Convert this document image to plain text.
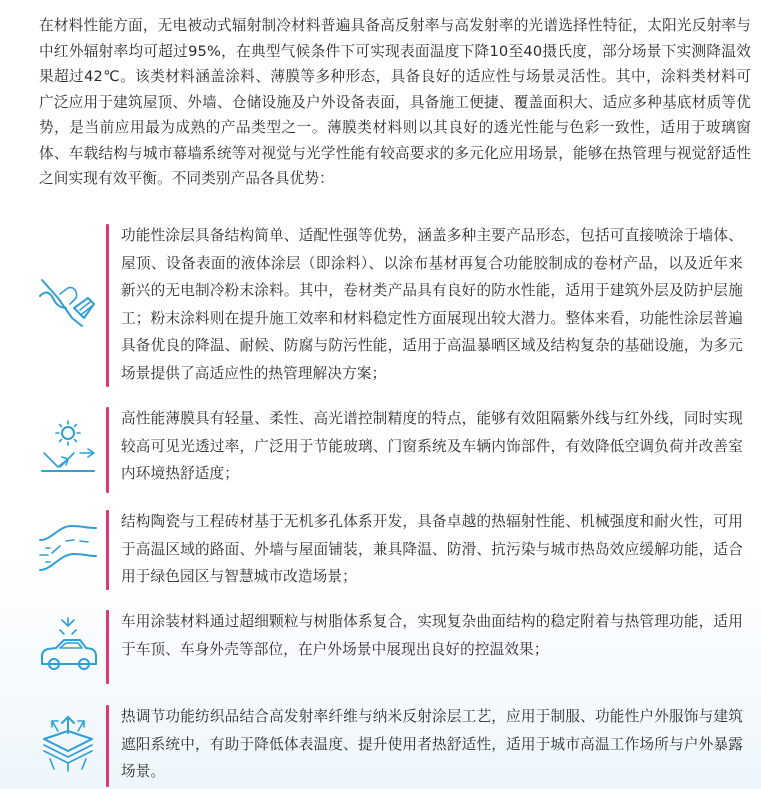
在材料性能方面，无电被动式辐射制冷材料普遍具备高反射率与高发射率的光谱选择性特征，太阳光反射率与中红外辐射率均可超过95%，在典型气候条件下可实现表面温度下降10至40摄氏度，部分场景下实测降温效果超过42℃。该类材料涵盖涂料、薄膜等多种形态，具备良好的适应性与场景灵活性。其中，涂料类材料可广泛应用于建筑屋顶、外墙、仓储设施及户外设备表面，具备施工便捷、覆盖面积大、适应多种基底材质等优势，是当前应用最为成熟的产品类型之一。薄膜类材料则以其良好的透光性能与色彩一致性，适用于玻璃窗体、车载结构与城市幕墙系统等对视觉与光学性能有较高要求的多元化应用场景，能够在热管理与视觉舒适性之间实现有效平衡。不同类别产品各具优势：

功能性涂层具备结构简单、适配性强等优势，涵盖多种主要产品形态，包括可直接喷涂于墙体、屋顶、设备表面的液体涂层（即涂料）、以涂布基材再复合功能胶制成的卷材产品，以及近年来新兴的无电制冷粉末涂料。其中，卷材类产品具有良好的防水性能，适用于建筑外层及防护层施工；粉末涂料则在提升施工效率和材料稳定性方面展现出较大潜力。整体来看，功能性涂层普遍具备优良的降温、耐候、防腐与防污性能，适用于高温暴晒区域及结构复杂的基础设施，为多元场景提供了高适应性的热管理解决方案；

高性能薄膜具有轻量、柔性、高光谱控制精度的特点，能够有效阻隔紫外线与红外线，同时实现较高可见光透过率，广泛用于节能玻璃、门窗系统及车辆内饰部件，有效降低空调负荷并改善室内环境热舒适度；

结构陶瓷与工程砖材基于无机多孔体系开发，具备卓越的热辐射性能、机械强度和耐火性，可用于高温区域的路面、外墙与屋面铺装，兼具降温、防滑、抗污染与城市热岛效应缓解功能，适合用于绿色园区与智慧城市改造场景；

车用涂装材料通过超细颗粒与树脂体系复合，实现复杂曲面结构的稳定附着与热管理功能，适用于车顶、车身外壳等部位，在户外场景中展现出良好的控温效果；

热调节功能纺织品结合高发射率纤维与纳米反射涂层工艺，应用于制服、功能性户外服饰与建筑遮阳系统中，有助于降低体表温度、提升使用者热舒适性，适用于城市高温工作场所与户外暴露场景。
